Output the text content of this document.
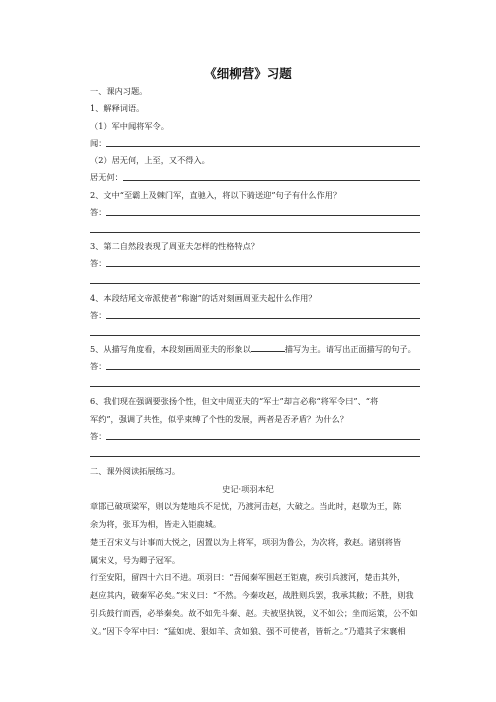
《细柳营》习题
一、课内习题。
1、解释词语。
（1）军中闻将军令。
闻：
（2）居无何，上至，又不得入。
居无何：
2、文中“至霸上及棘门军，直驰入，将以下骑送迎”句子有什么作用？
答：
3、第二自然段表现了周亚夫怎样的性格特点？
答：
4、本段结尾文帝派使者“称谢”的话对刻画周亚夫起什么作用？
答：
5、从描写角度看，本段刻画周亚夫的形象以	描写为主。请写出正面描写的句子。
答：
6、我们现在强调要张扬个性，但文中周亚夫的“军士”却言必称“将军令曰”、“将
军约”，强调了共性，似乎束缚了个性的发展，两者是否矛盾？为什么？
答：
二、课外阅读拓展练习。
史记·项羽本纪
章邯已破项梁军，则以为楚地兵不足忧，乃渡河击赵，大破之。当此时，赵歇为王，陈
余为将，张耳为相，皆走入钜鹿城。
楚王召宋义与计事而大悦之，因置以为上将军，项羽为鲁公，为次将，救赵。诸别将皆
属宋义，号为卿子冠军。
行至安阳，留四十六日不进。项羽曰：“吾闻秦军围赵王钜鹿，疾引兵渡河，楚击其外，
赵应其内，破秦军必矣。”宋义曰：“不然。今秦攻赵，战胜则兵罢，我承其敝；不胜，则我
引兵鼓行而西，必举秦矣。故不如先斗秦、赵。夫被坚执锐，义不如公；坐而运策，公不如
义。”因下令军中曰：“猛如虎、狠如羊、贪如狼、强不可使者，皆斩之。”乃遣其子宋襄相
